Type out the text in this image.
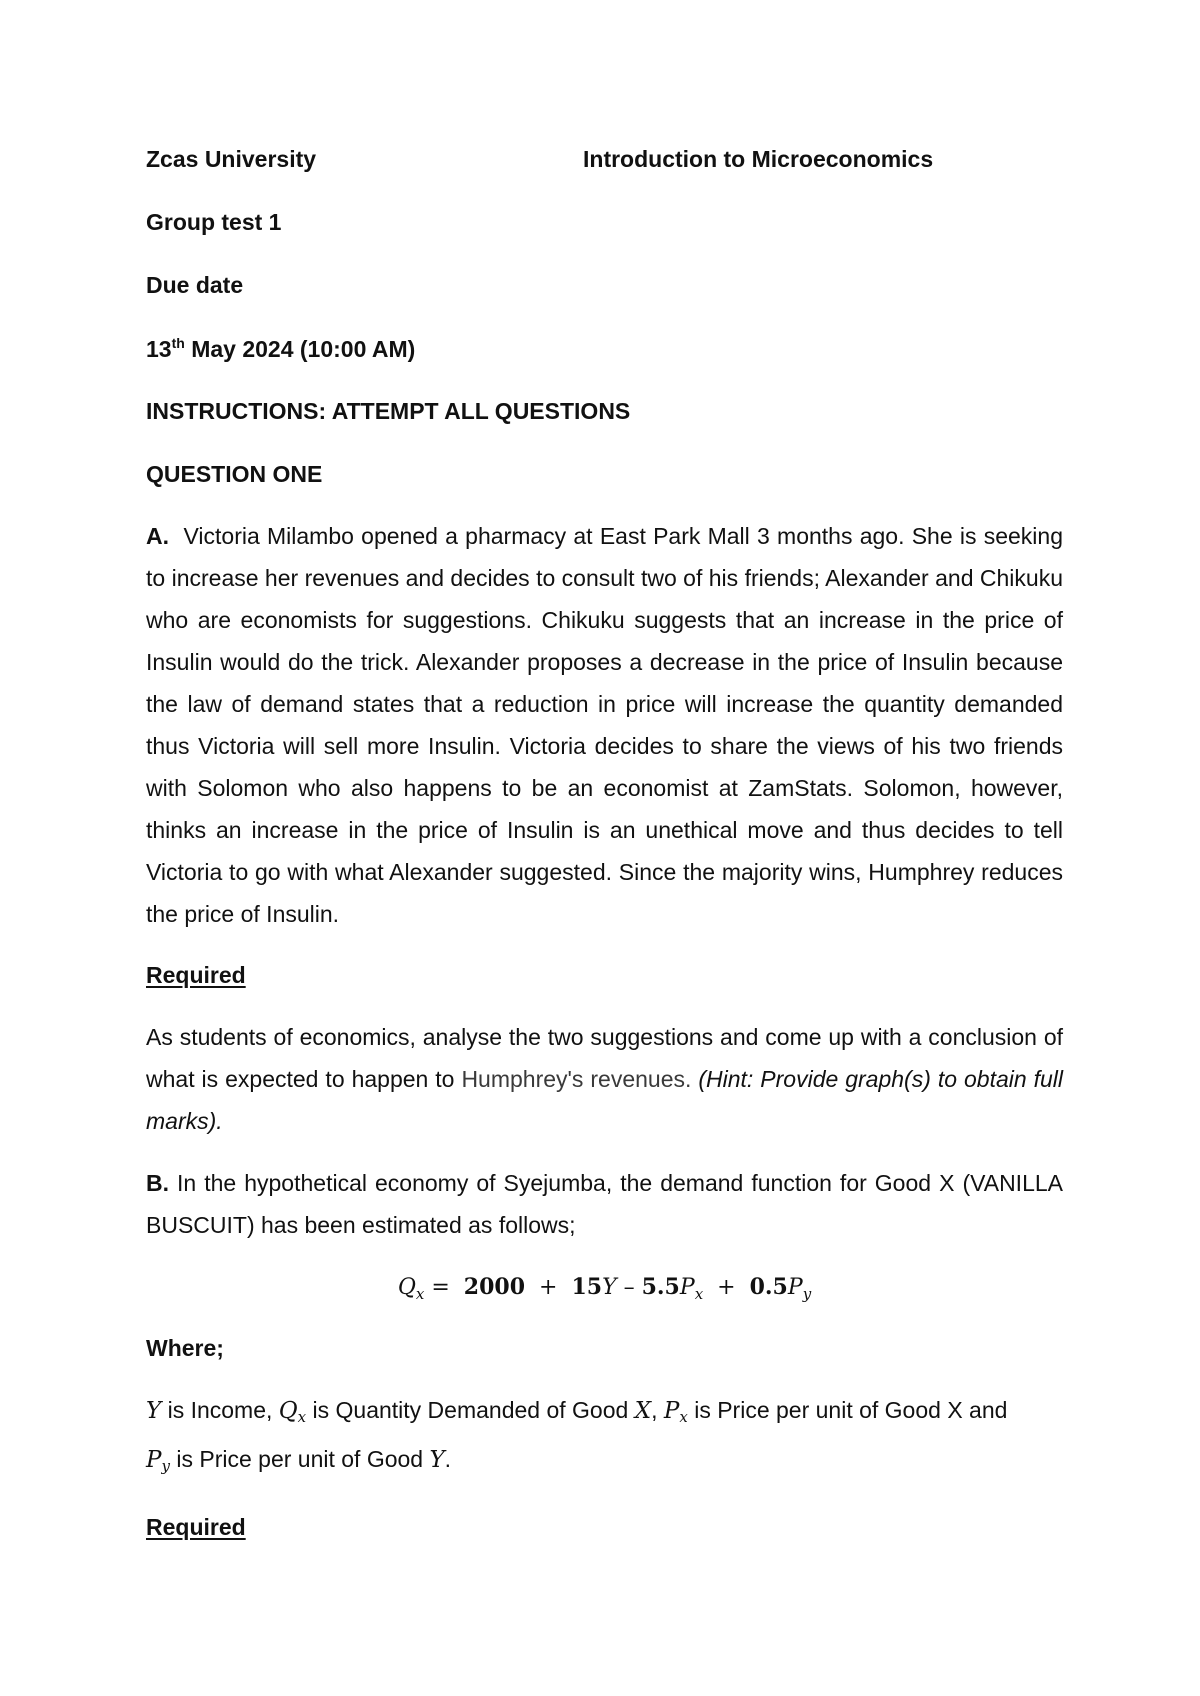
Zcas University	Introduction to Microeconomics

Group test 1

Due date

13th May 2024 (10:00 AM)

INSTRUCTIONS: ATTEMPT ALL QUESTIONS

QUESTION ONE

A. Victoria Milambo opened a pharmacy at East Park Mall 3 months ago. She is seeking to increase her revenues and decides to consult two of his friends; Alexander and Chikuku who are economists for suggestions. Chikuku suggests that an increase in the price of Insulin would do the trick. Alexander proposes a decrease in the price of Insulin because the law of demand states that a reduction in price will increase the quantity demanded thus Victoria will sell more Insulin. Victoria decides to share the views of his two friends with Solomon who also happens to be an economist at ZamStats. Solomon, however, thinks an increase in the price of Insulin is an unethical move and thus decides to tell Victoria to go with what Alexander suggested. Since the majority wins, Humphrey reduces the price of Insulin.

Required

As students of economics, analyse the two suggestions and come up with a conclusion of what is expected to happen to Humphrey's revenues. (Hint: Provide graph(s) to obtain full marks).

B. In the hypothetical economy of Syejumba, the demand function for Good X (VANILLA BUSCUIT) has been estimated as follows;

$Q_x = 2000 + 15Y - 5.5P_x + 0.5P_y$

Where;

Y is Income, $Q_x$ is Quantity Demanded of Good X, $P_x$ is Price per unit of Good X and
$P_y$ is Price per unit of Good Y.

Required
